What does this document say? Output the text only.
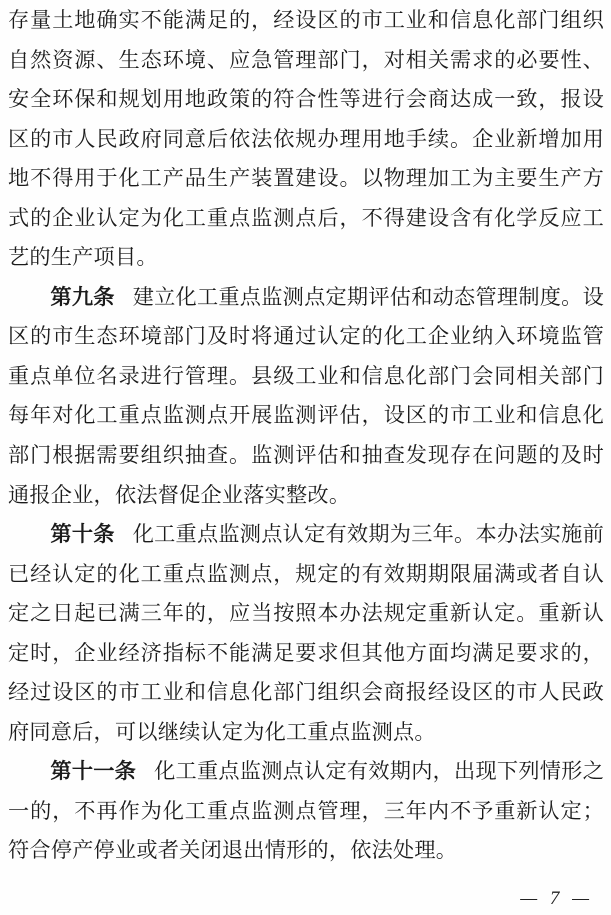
存量土地确实不能满足的，经设区的市工业和信息化部门组织自然资源、生态环境、应急管理部门，对相关需求的必要性、安全环保和规划用地政策的符合性等进行会商达成一致，报设区的市人民政府同意后依法依规办理用地手续。企业新增加用地不得用于化工产品生产装置建设。以物理加工为主要生产方式的企业认定为化工重点监测点后，不得建设含有化学反应工艺的生产项目。

第九条 建立化工重点监测点定期评估和动态管理制度。设区的市生态环境部门及时将通过认定的化工企业纳入环境监管重点单位名录进行管理。县级工业和信息化部门会同相关部门每年对化工重点监测点开展监测评估，设区的市工业和信息化部门根据需要组织抽查。监测评估和抽查发现存在问题的及时通报企业，依法督促企业落实整改。

第十条 化工重点监测点认定有效期为三年。本办法实施前已经认定的化工重点监测点，规定的有效期期限届满或者自认定之日起已满三年的，应当按照本办法规定重新认定。重新认定时，企业经济指标不能满足要求但其他方面均满足要求的，经过设区的市工业和信息化部门组织会商报经设区的市人民政府同意后，可以继续认定为化工重点监测点。

第十一条 化工重点监测点认定有效期内，出现下列情形之一的，不再作为化工重点监测点管理，三年内不予重新认定；符合停产停业或者关闭退出情形的，依法处理。

— 7 —
